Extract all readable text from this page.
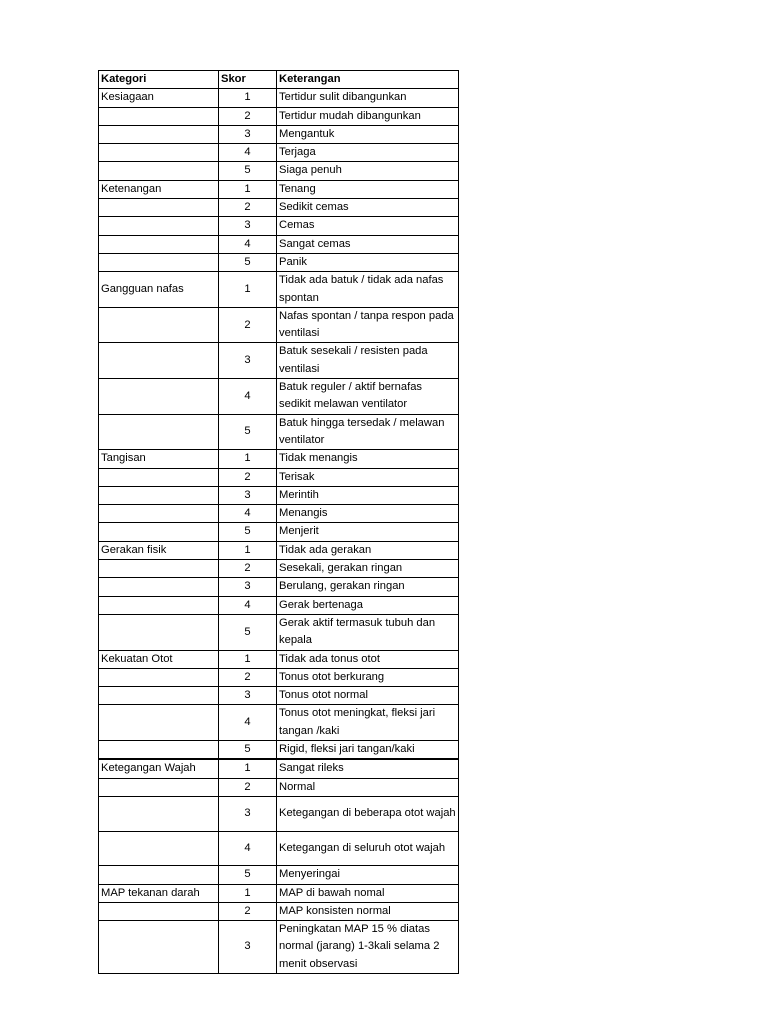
Kategori	Skor	Keterangan
Kesiagaan	1	Tertidur sulit dibangunkan
	2	Tertidur mudah dibangunkan
	3	Mengantuk
	4	Terjaga
	5	Siaga penuh
Ketenangan	1	Tenang
	2	Sedikit cemas
	3	Cemas
	4	Sangat cemas
	5	Panik
Gangguan nafas	1	Tidak ada batuk / tidak ada nafas spontan
	2	Nafas spontan / tanpa respon pada ventilasi
	3	Batuk sesekali / resisten pada ventilasi
	4	Batuk reguler / aktif bernafas sedikit melawan ventilator
	5	Batuk hingga tersedak / melawan ventilator
Tangisan	1	Tidak menangis
	2	Terisak
	3	Merintih
	4	Menangis
	5	Menjerit
Gerakan fisik	1	Tidak ada gerakan
	2	Sesekali, gerakan ringan
	3	Berulang, gerakan ringan
	4	Gerak bertenaga
	5	Gerak aktif termasuk tubuh dan kepala
Kekuatan Otot	1	Tidak ada tonus otot
	2	Tonus otot berkurang
	3	Tonus otot normal
	4	Tonus otot meningkat, fleksi jari tangan /kaki
	5	Rigid, fleksi jari tangan/kaki
Ketegangan Wajah	1	Sangat rileks
	2	Normal
	3	Ketegangan di beberapa otot wajah
	4	Ketegangan di seluruh otot wajah
	5	Menyeringai
MAP tekanan darah	1	MAP di bawah nomal
	2	MAP konsisten normal
	3	Peningkatan MAP 15 % diatas normal (jarang) 1-3kali selama 2 menit observasi
